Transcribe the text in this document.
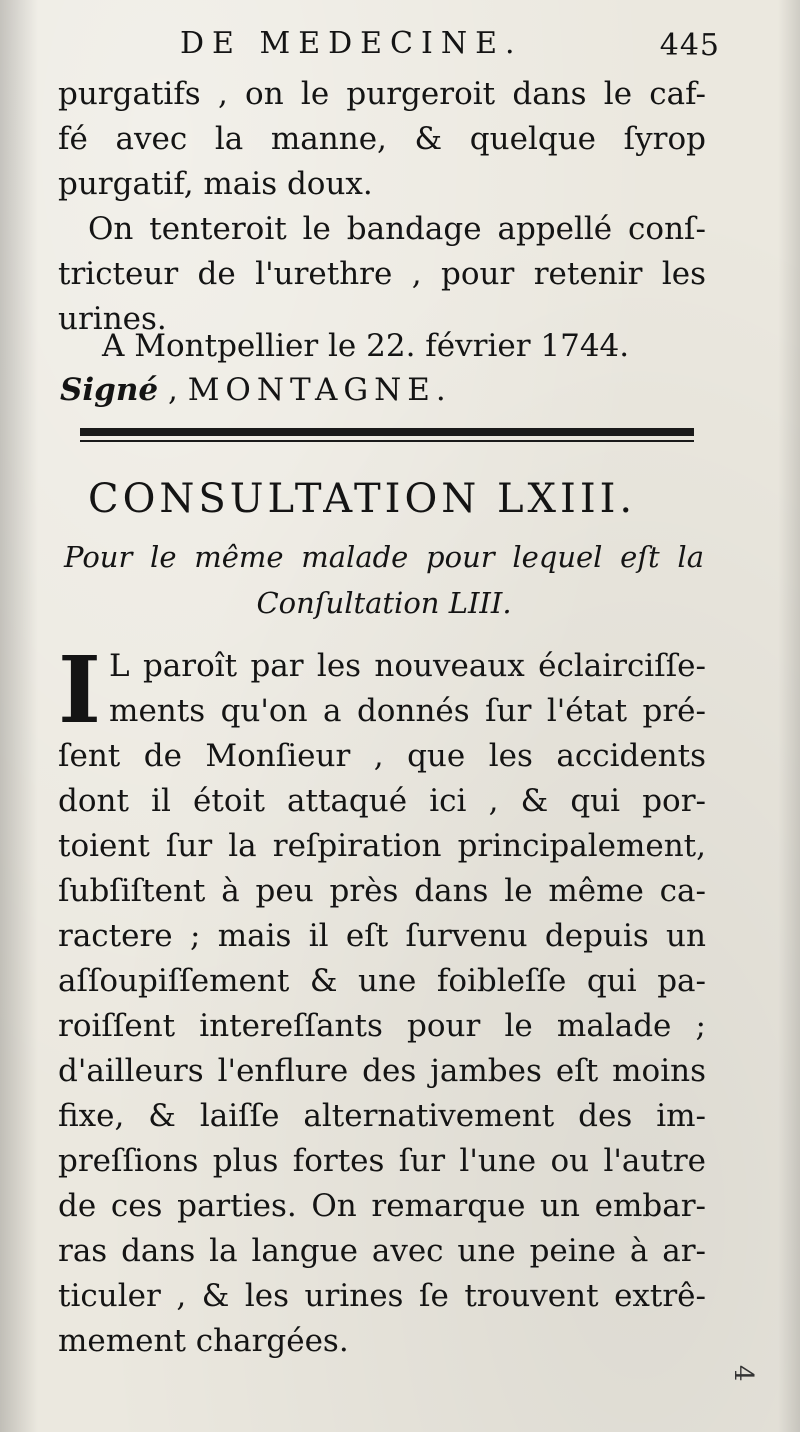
DE MEDECINE.	445
purgatifs , on le purgeroit dans le caf-
fé avec la manne, & quelque ſyrop
purgatif, mais doux.
On tenteroit le bandage appellé conſ-
tricteur de l'urethre , pour retenir les
urines.
A Montpellier le 22. février 1744.
Signé , MONTAGNE.
CONSULTATION LXIII.
Pour le même malade pour lequel eſt la
Conſultation LIII.
I L paroît par les nouveaux éclairciſſe-
ments qu'on a donnés ſur l'état pré-
ſent de Monſieur , que les accidents
dont il étoit attaqué ici , & qui por-
toient ſur la reſpiration principalement,
ſubſiſtent à peu près dans le même ca-
ractere ; mais il eſt ſurvenu depuis un
aſſoupiſſement & une foibleſſe qui pa-
roiſſent intereſſants pour le malade ;
d'ailleurs l'enflure des jambes eſt moins
fixe, & laiſſe alternativement des im-
preſſions plus fortes ſur l'une ou l'autre
de ces parties. On remarque un embar-
ras dans la langue avec une peine à ar-
ticuler , & les urines ſe trouvent extrê-
mement chargées.
4
